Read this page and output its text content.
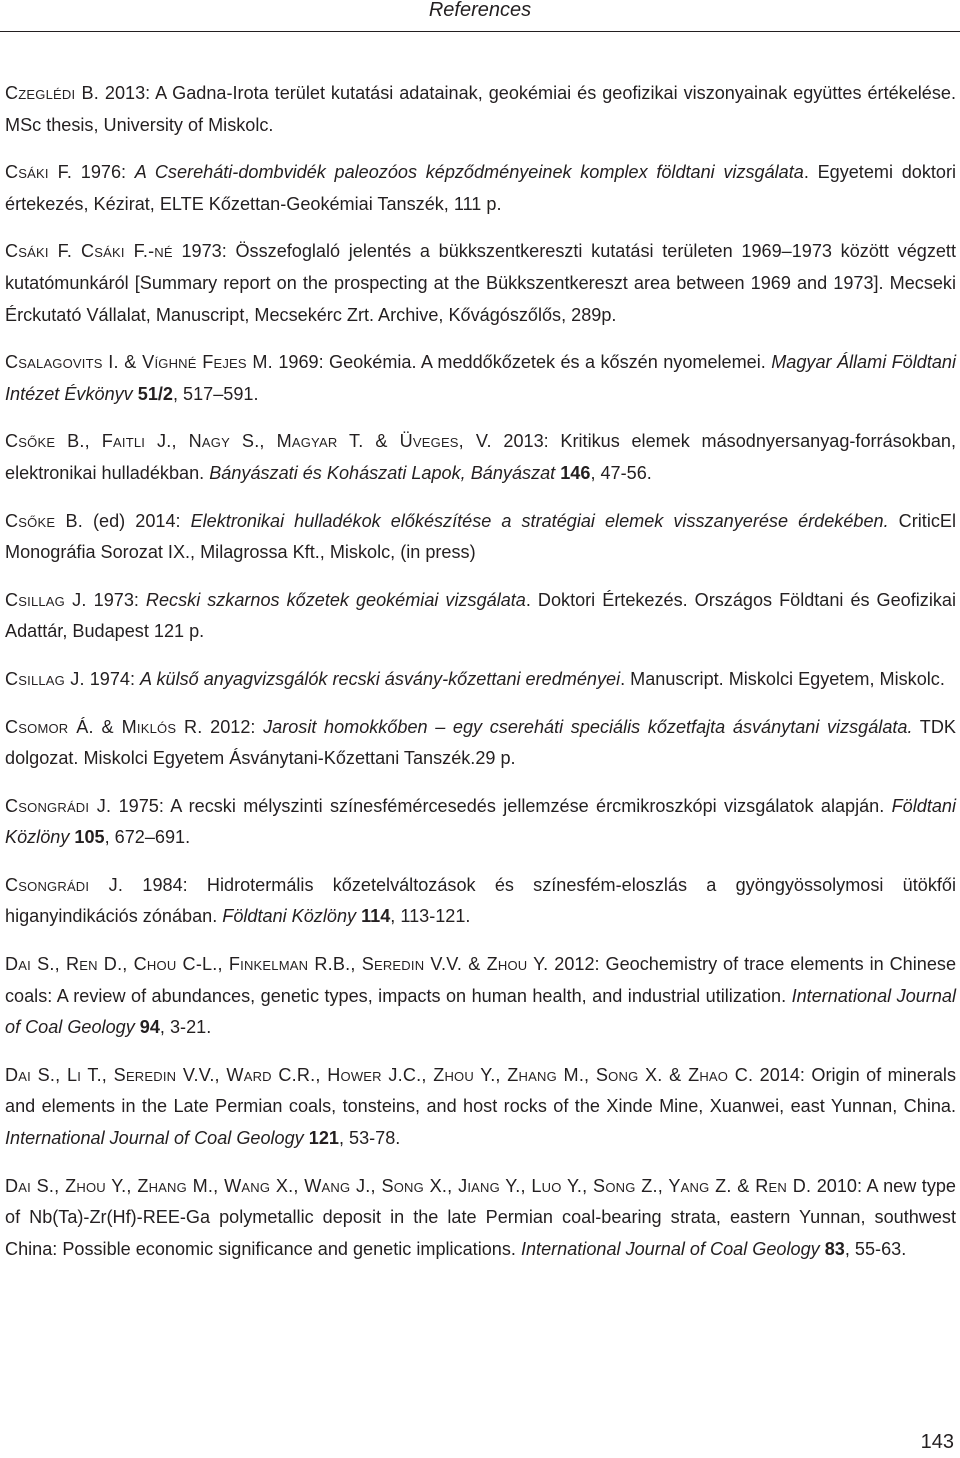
References

Czeglédi B. 2013: A Gadna-Irota terület kutatási adatainak, geokémiai és geofizikai viszonyainak együttes értékelése. MSc thesis, University of Miskolc.

Csáki F. 1976: A Csereháti-dombvidék paleozóos képződményeinek komplex földtani vizsgálata. Egyetemi doktori értekezés, Kézirat, ELTE Kőzettan-Geokémiai Tanszék, 111 p.

Csáki F. Csáki F.-né 1973: Összefoglaló jelentés a bükkszentkereszti kutatási területen 1969–1973 között végzett kutatómunkáról [Summary report on the prospecting at the Bükkszentkereszt area between 1969 and 1973]. Mecseki Érckutató Vállalat, Manuscript, Mecsekérc Zrt. Archive, Kővágószőlős, 289p.

Csalagovits I. & Víghné Fejes M. 1969: Geokémia. A meddőkőzetek és a kőszén nyomelemei. Magyar Állami Földtani Intézet Évkönyv 51/2, 517–591.

Csőke B., Faitli J., Nagy S., Magyar T. & Üveges, V. 2013: Kritikus elemek másodnyersanyag-forrásokban, elektronikai hulladékban. Bányászati és Kohászati Lapok, Bányászat 146, 47-56.

Csőke B. (ed) 2014: Elektronikai hulladékok előkészítése a stratégiai elemek visszanyerése érdekében. CriticEl Monográfia Sorozat IX., Milagrossa Kft., Miskolc, (in press)

Csillag J. 1973: Recski szkarnos kőzetek geokémiai vizsgálata. Doktori Értekezés. Országos Földtani és Geofizikai Adattár, Budapest 121 p.

Csillag J. 1974: A külső anyagvizsgálók recski ásvány-kőzettani eredményei. Manuscript. Miskolci Egyetem, Miskolc.

Csomor Á. & Miklós R. 2012: Jarosit homokkőben – egy csereháti speciális kőzetfajta ásványtani vizsgálata. TDK dolgozat. Miskolci Egyetem Ásványtani-Kőzettani Tanszék.29 p.

Csongrádi J. 1975: A recski mélyszinti színesfémércesedés jellemzése ércmikroszkópi vizsgálatok alapján. Földtani Közlöny 105, 672–691.

Csongrádi J. 1984: Hidrotermális kőzetelváltozások és színesfém-eloszlás a gyöngyössolymosi ütökfői higanyindikációs zónában. Földtani Közlöny 114, 113-121.

Dai S., Ren D., Chou C-L., Finkelman R.B., Seredin V.V. & Zhou Y. 2012: Geochemistry of trace elements in Chinese coals: A review of abundances, genetic types, impacts on human health, and industrial utilization. International Journal of Coal Geology 94, 3-21.

Dai S., Li T., Seredin V.V., Ward C.R., Hower J.C., Zhou Y., Zhang M., Song X. & Zhao C. 2014: Origin of minerals and elements in the Late Permian coals, tonsteins, and host rocks of the Xinde Mine, Xuanwei, east Yunnan, China. International Journal of Coal Geology 121, 53-78.

Dai S., Zhou Y., Zhang M., Wang X., Wang J., Song X., Jiang Y., Luo Y., Song Z., Yang Z. & Ren D. 2010: A new type of Nb(Ta)-Zr(Hf)-REE-Ga polymetallic deposit in the late Permian coal-bearing strata, eastern Yunnan, southwest China: Possible economic significance and genetic implications. International Journal of Coal Geology 83, 55-63.

143
